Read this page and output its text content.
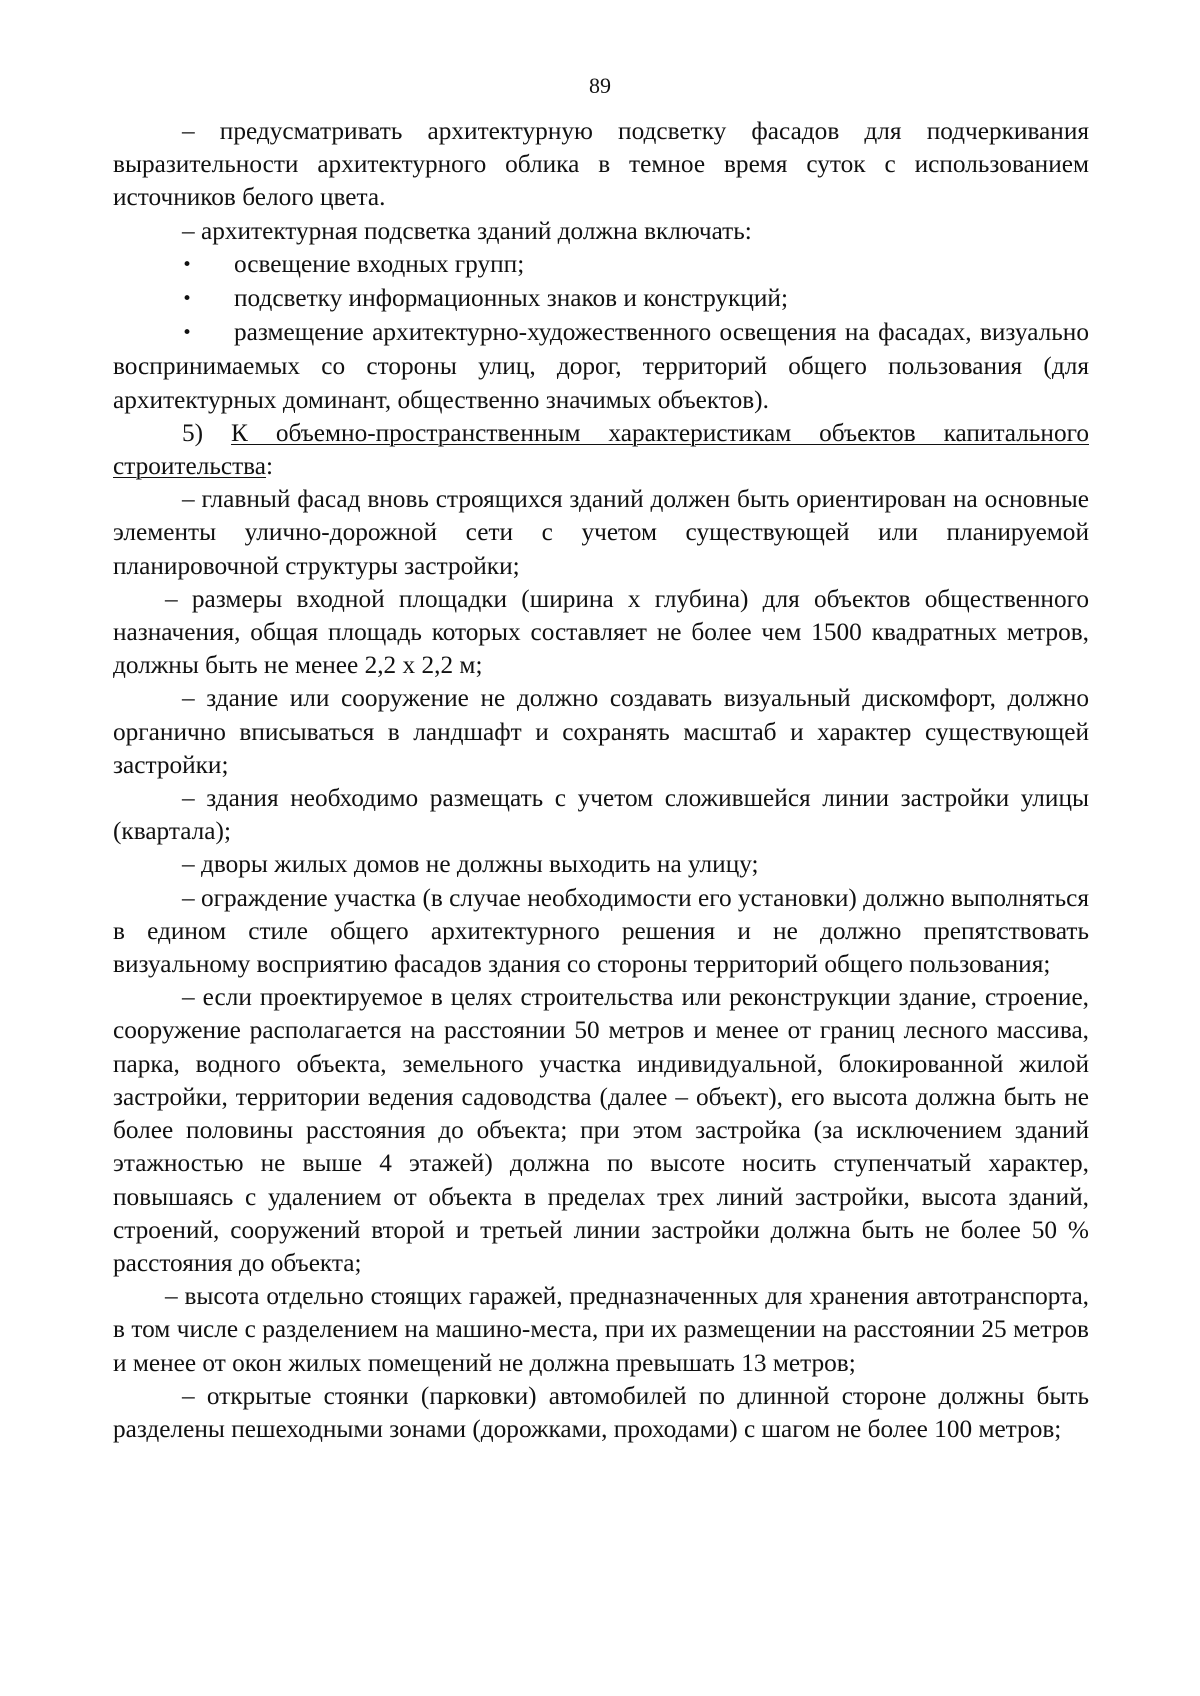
89

– предусматривать архитектурную подсветку фасадов для подчеркивания выразительности архитектурного облика в темное время суток с использованием источников белого цвета.

– архитектурная подсветка зданий должна включать:

• освещение входных групп;

• подсветку информационных знаков и конструкций;

• размещение архитектурно-художественного освещения на фасадах, визуально воспринимаемых со стороны улиц, дорог, территорий общего пользования (для архитектурных доминант, общественно значимых объектов).

5) К объемно-пространственным характеристикам объектов капитального строительства:

– главный фасад вновь строящихся зданий должен быть ориентирован на основные элементы улично-дорожной сети с учетом существующей или планируемой планировочной структуры застройки;

– размеры входной площадки (ширина х глубина) для объектов общественного назначения, общая площадь которых составляет не более чем 1500 квадратных метров, должны быть не менее 2,2 х 2,2 м;

– здание или сооружение не должно создавать визуальный дискомфорт, должно органично вписываться в ландшафт и сохранять масштаб и характер существующей застройки;

– здания необходимо размещать с учетом сложившейся линии застройки улицы (квартала);

– дворы жилых домов не должны выходить на улицу;

– ограждение участка (в случае необходимости его установки) должно выполняться в едином стиле общего архитектурного решения и не должно препятствовать визуальному восприятию фасадов здания со стороны территорий общего пользования;

– если проектируемое в целях строительства или реконструкции здание, строение, сооружение располагается на расстоянии 50 метров и менее от границ лесного массива, парка, водного объекта, земельного участка индивидуальной, блокированной жилой застройки, территории ведения садоводства (далее – объект), его высота должна быть не более половины расстояния до объекта; при этом застройка (за исключением зданий этажностью не выше 4 этажей) должна по высоте носить ступенчатый характер, повышаясь с удалением от объекта в пределах трех линий застройки, высота зданий, строений, сооружений второй и третьей линии застройки должна быть не более 50 % расстояния до объекта;

– высота отдельно стоящих гаражей, предназначенных для хранения автотранспорта, в том числе с разделением на машино-места, при их размещении на расстоянии 25 метров и менее от окон жилых помещений не должна превышать 13 метров;

– открытые стоянки (парковки) автомобилей по длинной стороне должны быть разделены пешеходными зонами (дорожками, проходами) с шагом не более 100 метров;
